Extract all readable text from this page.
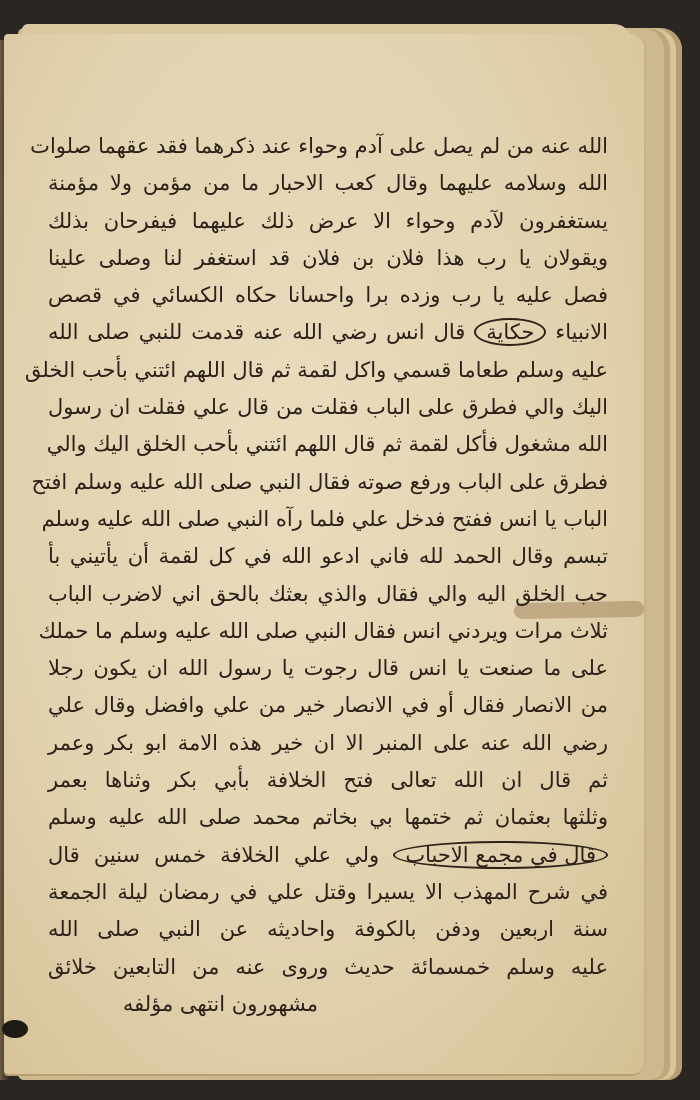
الله عنه من لم يصل على آدم وحواء عند ذكرهما فقد عقهما صلوات
الله وسلامه عليهما وقال كعب الاحبار ما من مؤمن ولا مؤمنة
يستغفرون لآدم وحواء الا عرض ذلك عليهما فيفرحان بذلك
ويقولان يا رب هذا فلان بن فلان قد استغفر لنا وصلى علينا
فصل عليه يا رب وزده برا واحسانا حكاه الكسائي في قصص
الانبياء حكاية قال انس رضي الله عنه قدمت للنبي صلى الله
عليه وسلم طعاما قسمي واكل لقمة ثم قال اللهم ائتني بأحب الخلق
اليك والي فطرق على الباب فقلت من قال علي فقلت ان رسول
الله مشغول فأكل لقمة ثم قال اللهم ائتني بأحب الخلق اليك والي
فطرق على الباب ورفع صوته فقال النبي صلى الله عليه وسلم افتح
الباب يا انس ففتح فدخل علي فلما رآه النبي صلى الله عليه وسلم
تبسم وقال الحمد لله فاني ادعو الله في كل لقمة أن يأتيني بأ
حب الخلق اليه والي فقال والذي بعثك بالحق اني لاضرب الباب
ثلاث مرات ويردني انس فقال النبي صلى الله عليه وسلم ما حملك
على ما صنعت يا انس قال رجوت يا رسول الله ان يكون رجلا
من الانصار فقال أو في الانصار خير من علي وافضل وقال علي
رضي الله عنه على المنبر الا ان خير هذه الامة ابو بكر وعمر
ثم قال ان الله تعالى فتح الخلافة بأبي بكر وثناها بعمر
وثلثها بعثمان ثم ختمها بي بخاتم محمد صلى الله عليه وسلم
قال في مجمع الاحباب ولي علي الخلافة خمس سنين قال
في شرح المهذب الا يسيرا وقتل علي في رمضان ليلة الجمعة
سنة اربعين ودفن بالكوفة واحاديثه عن النبي صلى الله
عليه وسلم خمسمائة حديث وروى عنه من التابعين خلائق
مشهورون انتهى مؤلفه
